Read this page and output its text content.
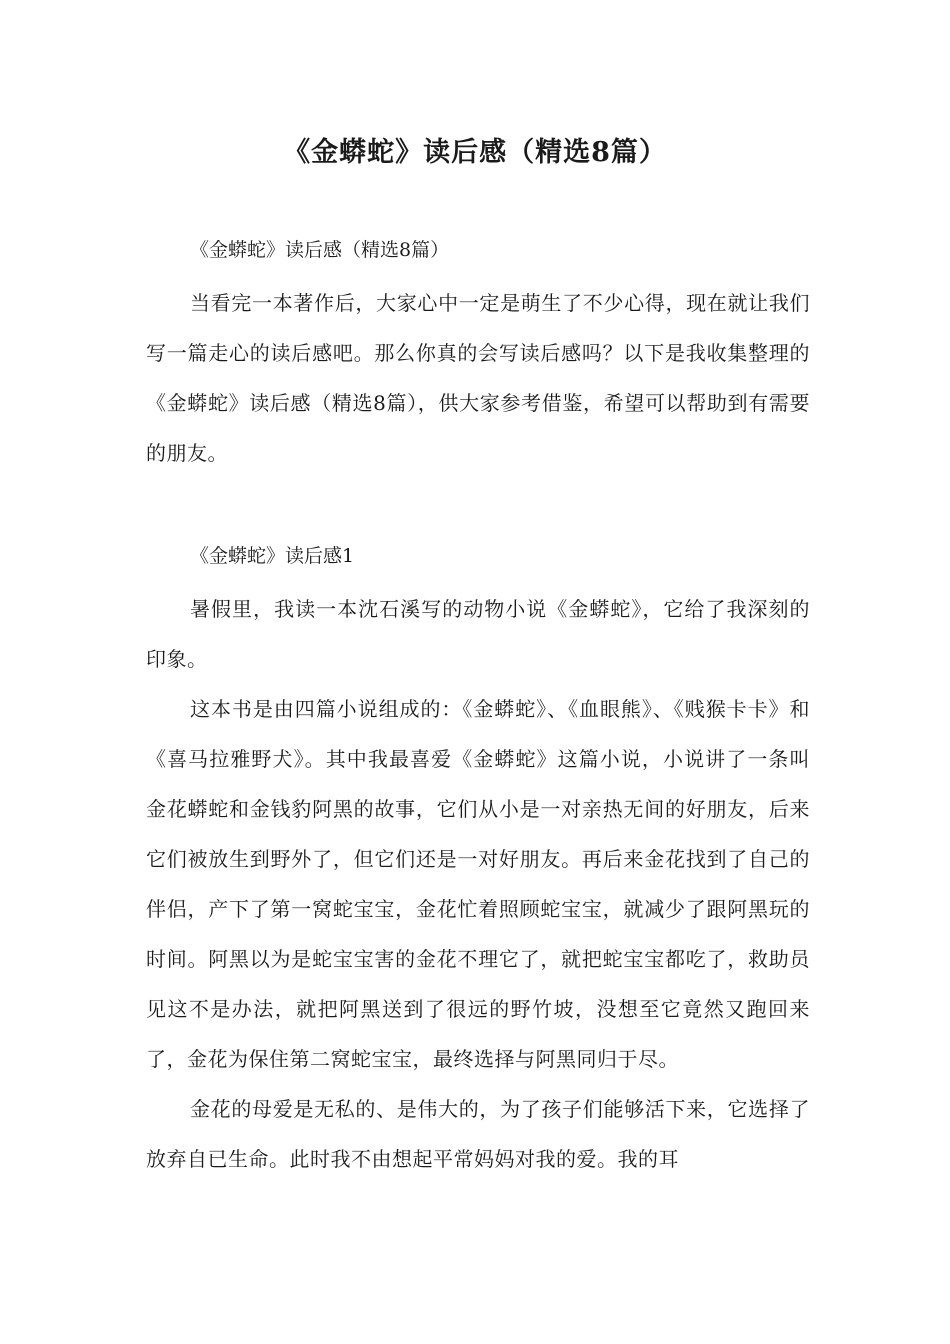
《金蟒蛇》读后感（精选8篇）

《金蟒蛇》读后感（精选8篇）

当看完一本著作后，大家心中一定是萌生了不少心得，现在就让我们写一篇走心的读后感吧。那么你真的会写读后感吗？以下是我收集整理的《金蟒蛇》读后感（精选8篇），供大家参考借鉴，希望可以帮助到有需要的朋友。

《金蟒蛇》读后感1

暑假里，我读一本沈石溪写的动物小说《金蟒蛇》，它给了我深刻的印象。

这本书是由四篇小说组成的：《金蟒蛇》、《血眼熊》、《贱猴卡卡》和《喜马拉雅野犬》。其中我最喜爱《金蟒蛇》这篇小说，小说讲了一条叫金花蟒蛇和金钱豹阿黑的故事，它们从小是一对亲热无间的好朋友，后来它们被放生到野外了，但它们还是一对好朋友。再后来金花找到了自己的伴侣，产下了第一窝蛇宝宝，金花忙着照顾蛇宝宝，就减少了跟阿黑玩的时间。阿黑以为是蛇宝宝害的金花不理它了，就把蛇宝宝都吃了，救助员见这不是办法，就把阿黑送到了很远的野竹坡，没想至它竟然又跑回来了，金花为保住第二窝蛇宝宝，最终选择与阿黑同归于尽。

金花的母爱是无私的、是伟大的，为了孩子们能够活下来，它选择了放弃自已生命。此时我不由想起平常妈妈对我的爱。我的耳
